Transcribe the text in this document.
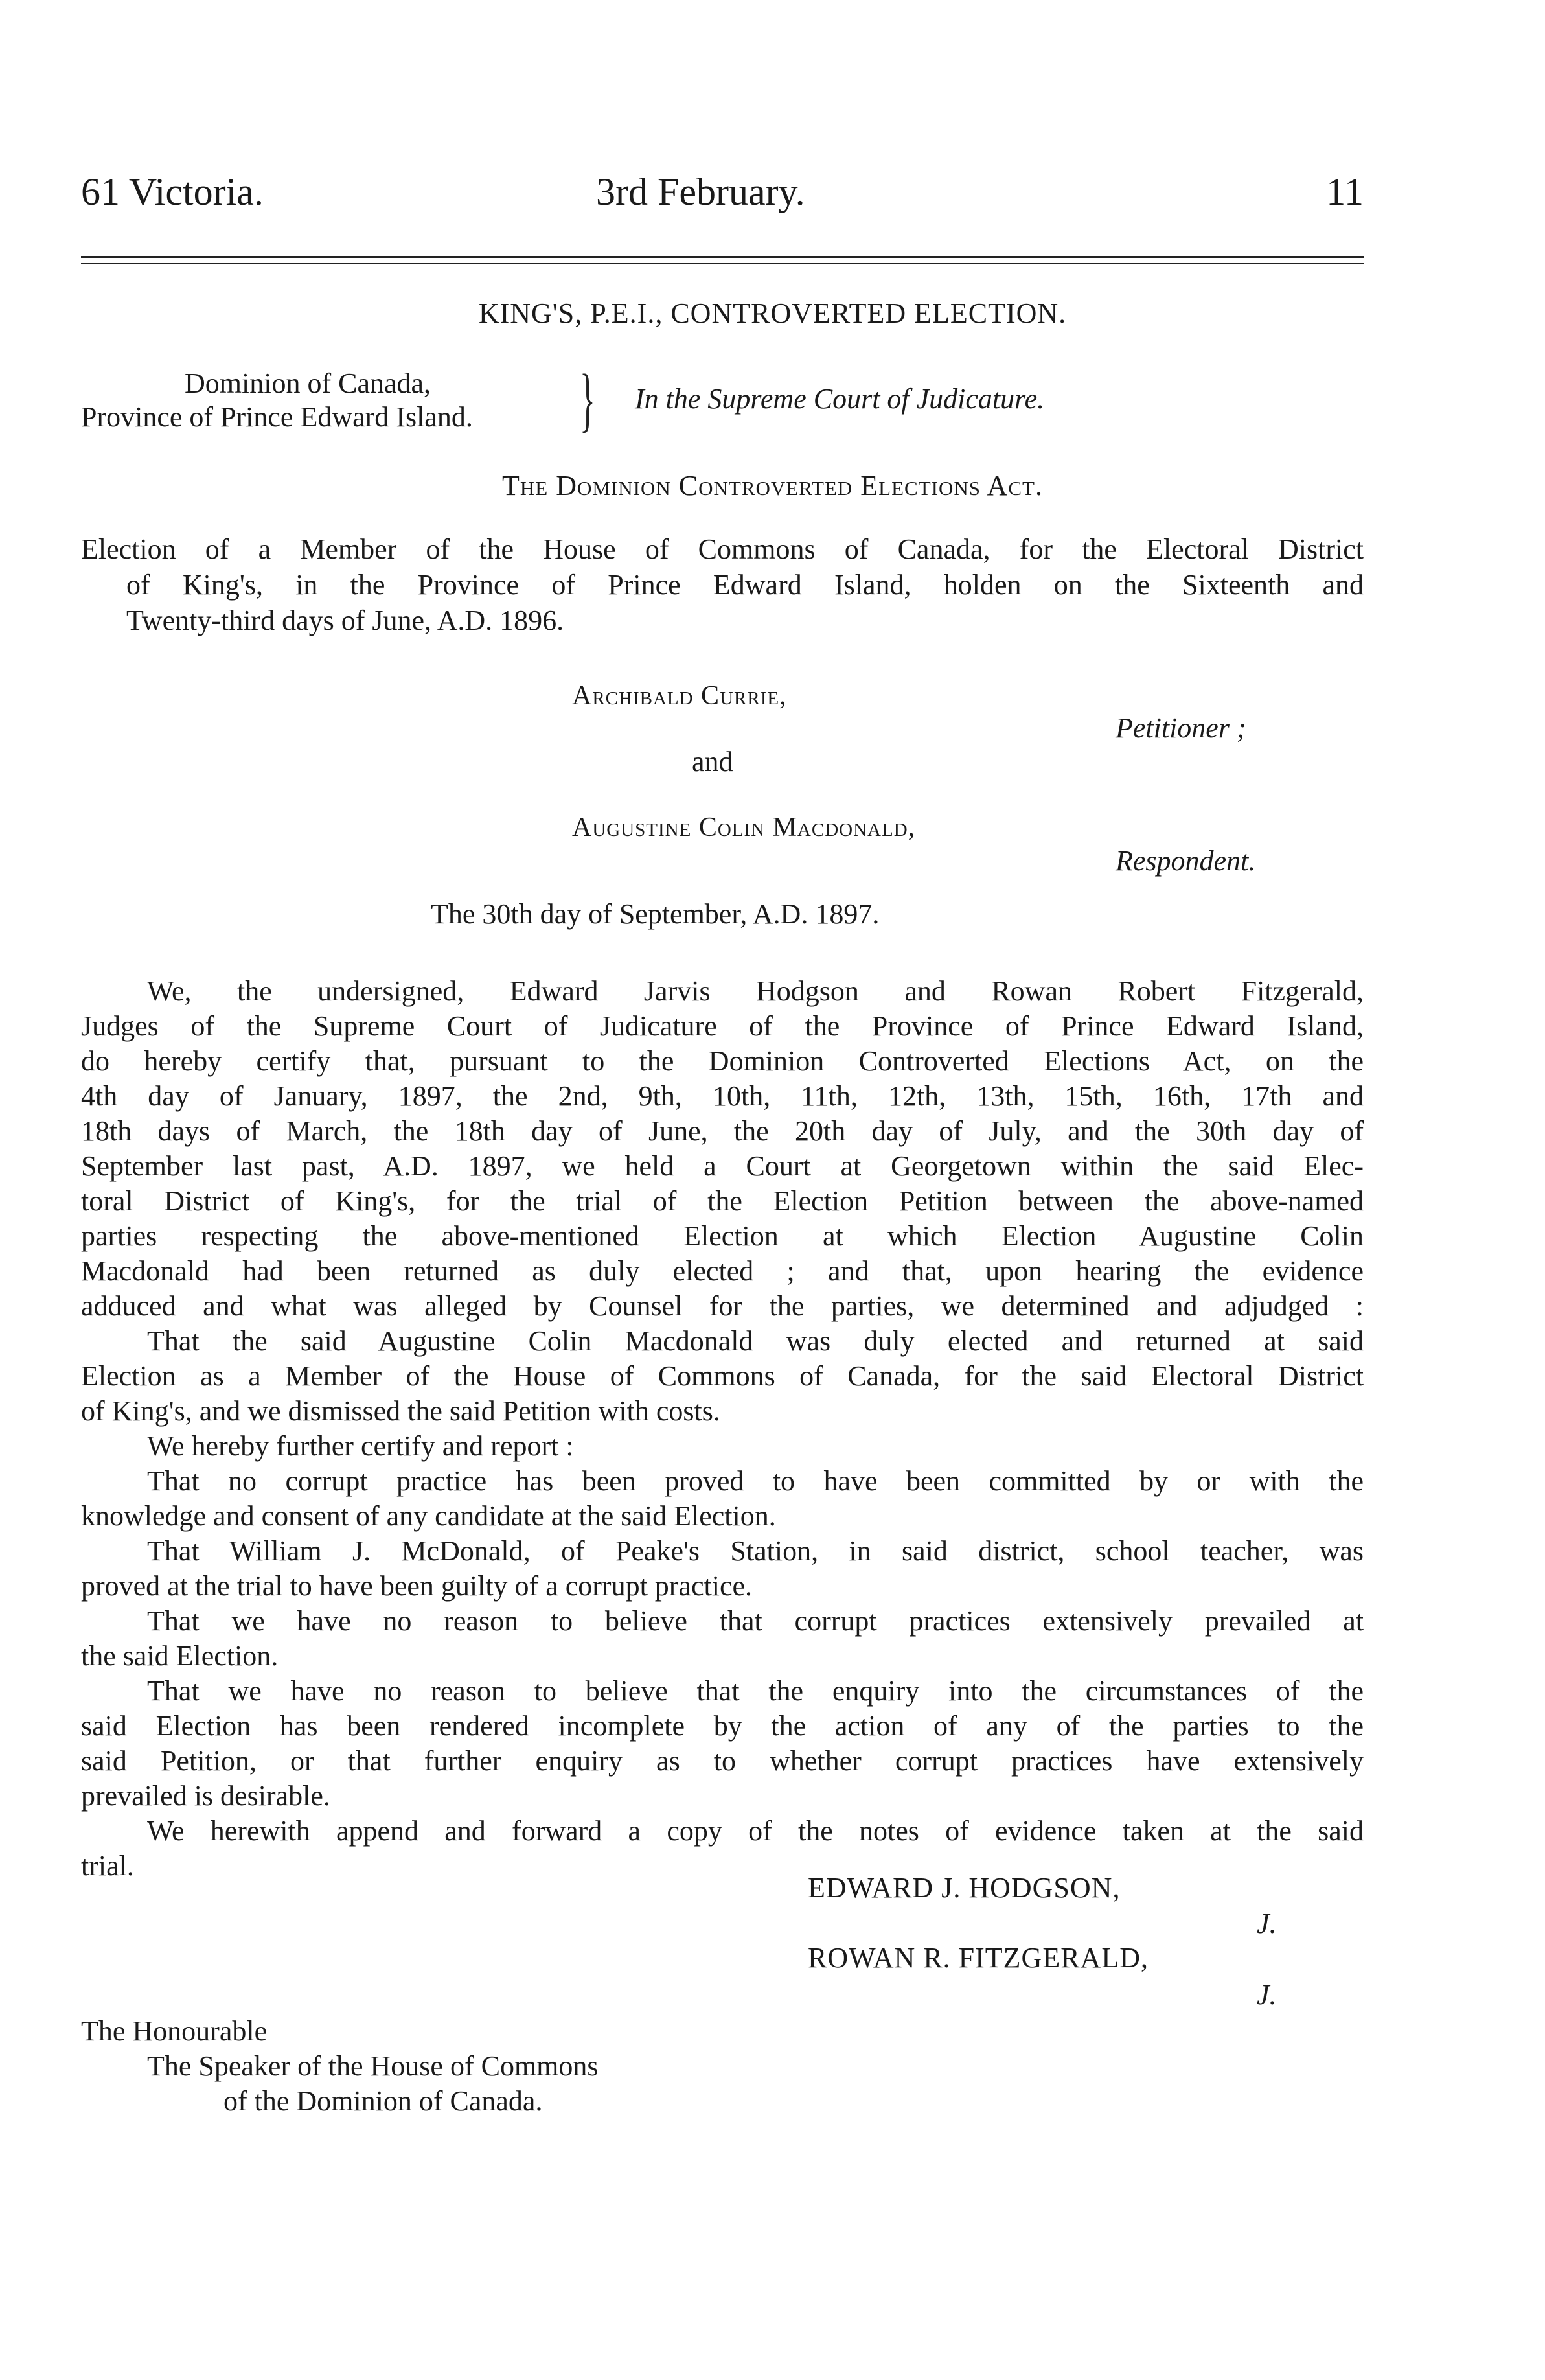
61 Victoria.	3rd February.	11
KING'S, P.E.I., CONTROVERTED ELECTION.
Dominion of Canada,
Province of Prince Edward Island.	} In the Supreme Court of Judicature.
The Dominion Controverted Elections Act.
Election of a Member of the House of Commons of Canada, for the Electoral District
of King's, in the Province of Prince Edward Island, holden on the Sixteenth and
Twenty-third days of June, A.D. 1896.
Archibald Currie,
Petitioner ;
and
Augustine Colin Macdonald,
Respondent.
The 30th day of September, A.D. 1897.
We, the undersigned, Edward Jarvis Hodgson and Rowan Robert Fitzgerald,
Judges of the Supreme Court of Judicature of the Province of Prince Edward Island,
do hereby certify that, pursuant to the Dominion Controverted Elections Act, on the
4th day of January, 1897, the 2nd, 9th, 10th, 11th, 12th, 13th, 15th, 16th, 17th and
18th days of March, the 18th day of June, the 20th day of July, and the 30th day of
September last past, A.D. 1897, we held a Court at Georgetown within the said Elec-
toral District of King's, for the trial of the Election Petition between the above-named
parties respecting the above-mentioned Election at which Election Augustine Colin
Macdonald had been returned as duly elected ; and that, upon hearing the evidence
adduced and what was alleged by Counsel for the parties, we determined and adjudged :
That the said Augustine Colin Macdonald was duly elected and returned at said
Election as a Member of the House of Commons of Canada, for the said Electoral District
of King's, and we dismissed the said Petition with costs.
We hereby further certify and report :
That no corrupt practice has been proved to have been committed by or with the
knowledge and consent of any candidate at the said Election.
That William J. McDonald, of Peake's Station, in said district, school teacher, was
proved at the trial to have been guilty of a corrupt practice.
That we have no reason to believe that corrupt practices extensively prevailed at
the said Election.
That we have no reason to believe that the enquiry into the circumstances of the
said Election has been rendered incomplete by the action of any of the parties to the
said Petition, or that further enquiry as to whether corrupt practices have extensively
prevailed is desirable.
We herewith append and forward a copy of the notes of evidence taken at the said
trial.
EDWARD J. HODGSON,
J.
ROWAN R. FITZGERALD,
J.
The Honourable
The Speaker of the House of Commons
of the Dominion of Canada.
